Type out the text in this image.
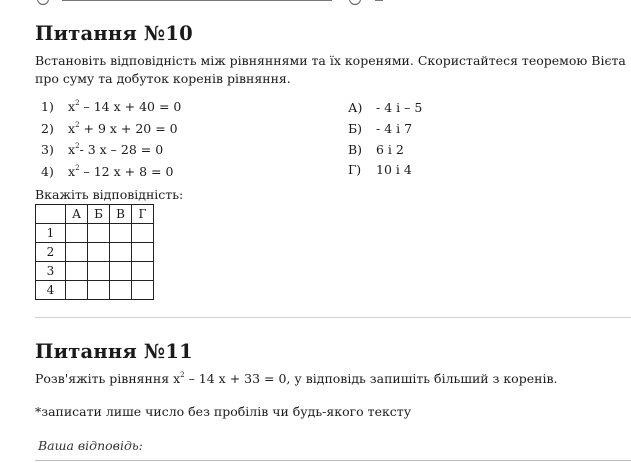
Питання №10
Встановіть відповідність між рівняннями та їх коренями. Скористайтеся теоремою Вієта про суму та добуток коренів рівняння.
1) $x^2 - 14$ x + 40 = 0
2) $x^2 + 9$ x + 20 = 0
3) $x^2-$ 3 x – 28 = 0
4) $x^2 - 12$ x + 8 = 0
А) - 4 і – 5
Б) - 4 і 7
В) 6 і 2
Г) 10 і 4
Вкажіть відповідність:
	А	Б	В	Г
1				
2				
3				
4				
Питання №11
Розв'яжіть рівняння $x^2 - 14$ x + 33 = 0, у відповідь запишіть більший з коренів.
*записати лише число без пробілів чи будь-якого тексту
Ваша відповідь:
